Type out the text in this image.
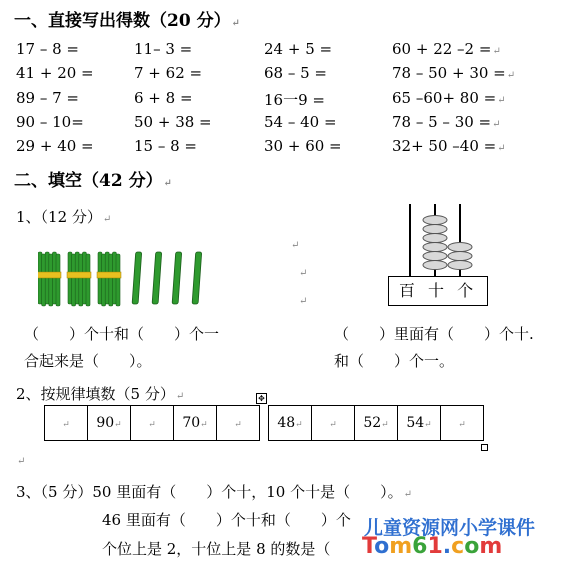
一、直接写出得数（20 分）↵
17 – 8 =	11– 3 =	24 + 5 =	60 + 22 –2 =↵
41 + 20 =	7 + 62 =	68 – 5 =	78 – 50 + 30 =↵
89 – 7 =	6 + 8 =	16一9 =	65 –60+ 80 =↵
90 – 10=	50 + 38 =	54 – 40 =	78 – 5 – 30 =↵
29 + 40 =	15 – 8 =	30 + 60 =	32+ 50 –40 =↵
二、填空（42 分）↵
1、（12 分）↵
↵
↵
↵
百 十 个
（　　）个十和（　　）个一
合起来是（　　）。
（　　）里面有（　　）个十.
和（　　）个一。
2、按规律填数（5 分）↵	✥
↵	90↵	↵	70↵	↵	48↵	↵	52↵	54↵	↵
↵
3、（5 分）50 里面有（　　）个十，10 个十是（　　）。↵
46 里面有（　　）个十和（　　）个
个位上是 2，十位上是 8 的数是（
儿童资源网小学课件
Tom61.com
